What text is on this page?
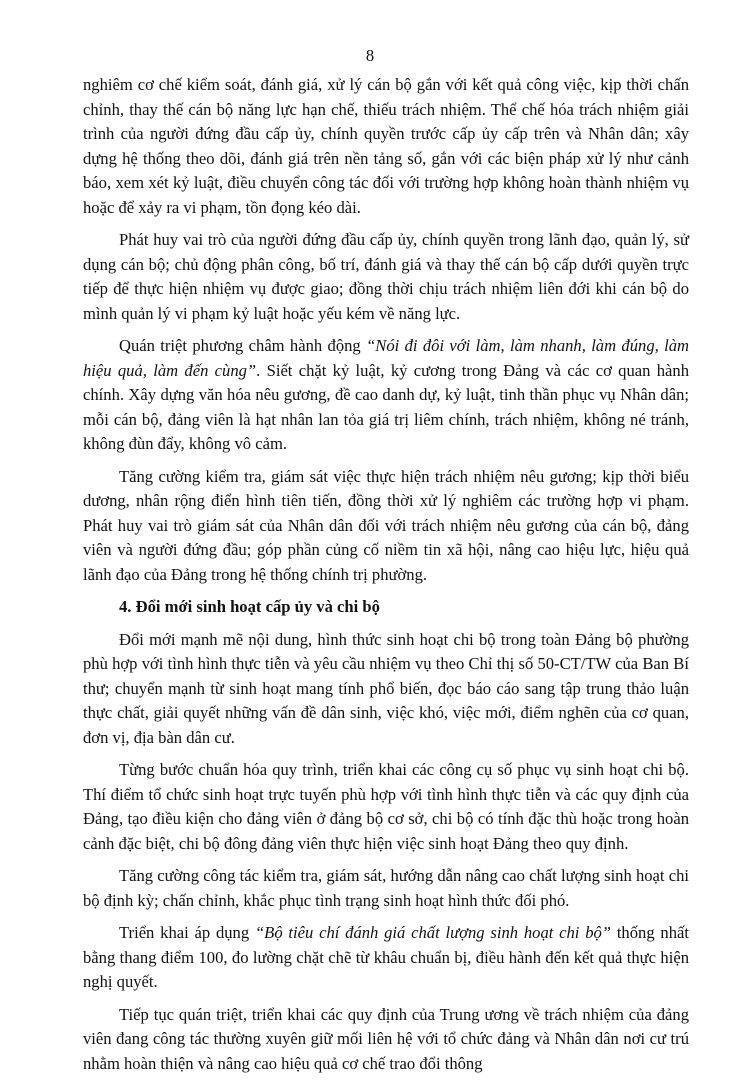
8

nghiêm cơ chế kiểm soát, đánh giá, xử lý cán bộ gắn với kết quả công việc, kịp thời chấn chỉnh, thay thế cán bộ năng lực hạn chế, thiếu trách nhiệm. Thể chế hóa trách nhiệm giải trình của người đứng đầu cấp ủy, chính quyền trước cấp ủy cấp trên và Nhân dân; xây dựng hệ thống theo dõi, đánh giá trên nền tảng số, gắn với các biện pháp xử lý như cảnh báo, xem xét kỷ luật, điều chuyển công tác đối với trường hợp không hoàn thành nhiệm vụ hoặc để xảy ra vi phạm, tồn đọng kéo dài.

Phát huy vai trò của người đứng đầu cấp ủy, chính quyền trong lãnh đạo, quản lý, sử dụng cán bộ; chủ động phân công, bố trí, đánh giá và thay thế cán bộ cấp dưới quyền trực tiếp để thực hiện nhiệm vụ được giao; đồng thời chịu trách nhiệm liên đới khi cán bộ do mình quản lý vi phạm kỷ luật hoặc yếu kém về năng lực.

Quán triệt phương châm hành động “Nói đi đôi với làm, làm nhanh, làm đúng, làm hiệu quả, làm đến cùng”. Siết chặt kỷ luật, kỷ cương trong Đảng và các cơ quan hành chính. Xây dựng văn hóa nêu gương, đề cao danh dự, kỷ luật, tinh thần phục vụ Nhân dân; mỗi cán bộ, đảng viên là hạt nhân lan tỏa giá trị liêm chính, trách nhiệm, không né tránh, không đùn đẩy, không vô cảm.

Tăng cường kiểm tra, giám sát việc thực hiện trách nhiệm nêu gương; kịp thời biểu dương, nhân rộng điển hình tiên tiến, đồng thời xử lý nghiêm các trường hợp vi phạm. Phát huy vai trò giám sát của Nhân dân đối với trách nhiệm nêu gương của cán bộ, đảng viên và người đứng đầu; góp phần củng cố niềm tin xã hội, nâng cao hiệu lực, hiệu quả lãnh đạo của Đảng trong hệ thống chính trị phường.

4. Đổi mới sinh hoạt cấp ủy và chi bộ

Đổi mới mạnh mẽ nội dung, hình thức sinh hoạt chi bộ trong toàn Đảng bộ phường phù hợp với tình hình thực tiễn và yêu cầu nhiệm vụ theo Chỉ thị số 50-CT/TW của Ban Bí thư; chuyển mạnh từ sinh hoạt mang tính phổ biến, đọc báo cáo sang tập trung thảo luận thực chất, giải quyết những vấn đề dân sinh, việc khó, việc mới, điểm nghẽn của cơ quan, đơn vị, địa bàn dân cư.

Từng bước chuẩn hóa quy trình, triển khai các công cụ số phục vụ sinh hoạt chi bộ. Thí điểm tổ chức sinh hoạt trực tuyến phù hợp với tình hình thực tiễn và các quy định của Đảng, tạo điều kiện cho đảng viên ở đảng bộ cơ sở, chi bộ có tính đặc thù hoặc trong hoàn cảnh đặc biệt, chi bộ đông đảng viên thực hiện việc sinh hoạt Đảng theo quy định.

Tăng cường công tác kiểm tra, giám sát, hướng dẫn nâng cao chất lượng sinh hoạt chi bộ định kỳ; chấn chỉnh, khắc phục tình trạng sinh hoạt hình thức đối phó.

Triển khai áp dụng “Bộ tiêu chí đánh giá chất lượng sinh hoạt chi bộ” thống nhất bằng thang điểm 100, đo lường chặt chẽ từ khâu chuẩn bị, điều hành đến kết quả thực hiện nghị quyết.

Tiếp tục quán triệt, triển khai các quy định của Trung ương về trách nhiệm của đảng viên đang công tác thường xuyên giữ mối liên hệ với tổ chức đảng và Nhân dân nơi cư trú nhằm hoàn thiện và nâng cao hiệu quả cơ chế trao đổi thông
